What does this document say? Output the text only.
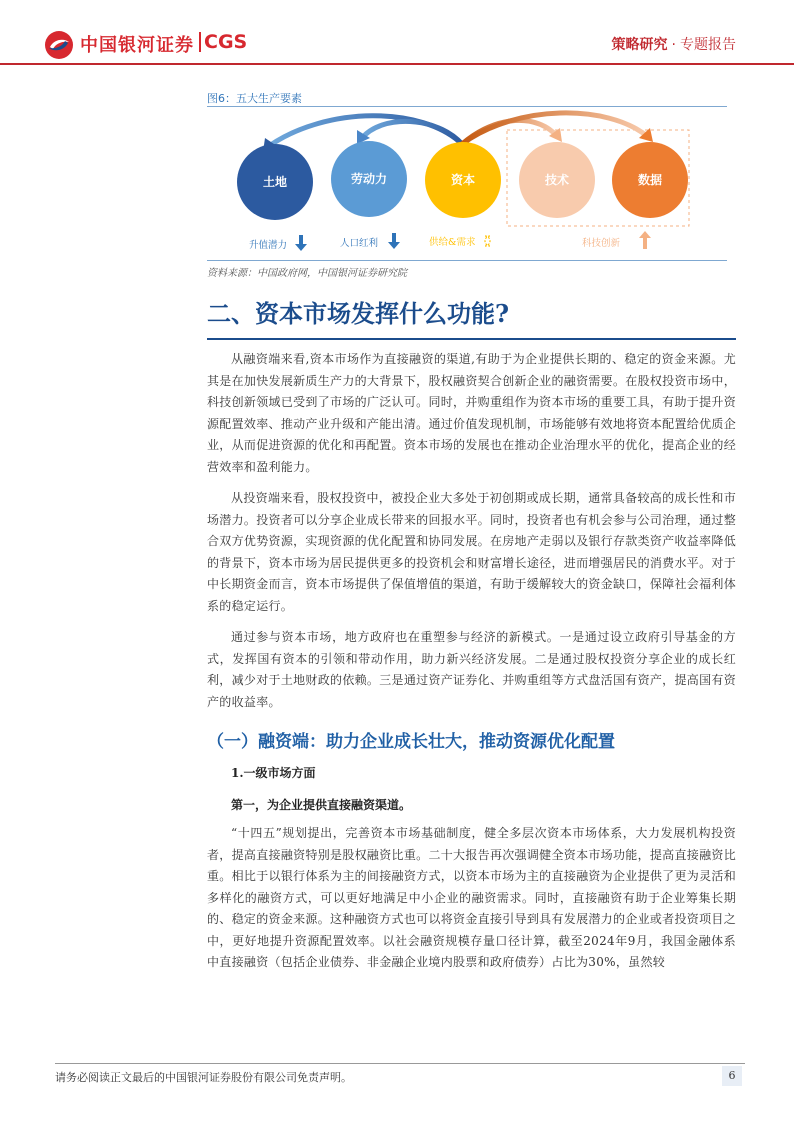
中国银河证券 CGS	策略研究 · 专题报告
图6：五大生产要素
土地	劳动力	资本	技术	数据
升值潜力	人口红利	供给&需求	科技创新
资料来源：中国政府网，中国银河证券研究院
二、资本市场发挥什么功能?

从融资端来看,资本市场作为直接融资的渠道,有助于为企业提供长期的、稳定的资金来源。尤其是在加快发展新质生产力的大背景下，股权融资契合创新企业的融资需要。在股权投资市场中，科技创新领域已受到了市场的广泛认可。同时，并购重组作为资本市场的重要工具，有助于提升资源配置效率、推动产业升级和产能出清。通过价值发现机制，市场能够有效地将资本配置给优质企业，从而促进资源的优化和再配置。资本市场的发展也在推动企业治理水平的优化，提高企业的经营效率和盈利能力。

从投资端来看，股权投资中，被投企业大多处于初创期或成长期，通常具备较高的成长性和市场潜力。投资者可以分享企业成长带来的回报水平。同时，投资者也有机会参与公司治理，通过整合双方优势资源，实现资源的优化配置和协同发展。在房地产走弱以及银行存款类资产收益率降低的背景下，资本市场为居民提供更多的投资机会和财富增长途径，进而增强居民的消费水平。对于中长期资金而言，资本市场提供了保值增值的渠道，有助于缓解较大的资金缺口，保障社会福利体系的稳定运行。

通过参与资本市场，地方政府也在重塑参与经济的新模式。一是通过设立政府引导基金的方式，发挥国有资本的引领和带动作用，助力新兴经济发展。二是通过股权投资分享企业的成长红利，减少对于土地财政的依赖。三是通过资产证券化、并购重组等方式盘活国有资产，提高国有资产的收益率。

（一）融资端：助力企业成长壮大，推动资源优化配置
1.一级市场方面
第一，为企业提供直接融资渠道。

“十四五”规划提出，完善资本市场基础制度，健全多层次资本市场体系，大力发展机构投资者，提高直接融资特别是股权融资比重。二十大报告再次强调健全资本市场功能，提高直接融资比重。相比于以银行体系为主的间接融资方式，以资本市场为主的直接融资为企业提供了更为灵活和多样化的融资方式，可以更好地满足中小企业的融资需求。同时，直接融资有助于企业筹集长期的、稳定的资金来源。这种融资方式也可以将资金直接引导到具有发展潜力的企业或者投资项目之中，更好地提升资源配置效率。以社会融资规模存量口径计算，截至2024年9月，我国金融体系中直接融资（包括企业债券、非金融企业境内股票和政府债券）占比为30%，虽然较

请务必阅读正文最后的中国银河证券股份有限公司免责声明。	6
